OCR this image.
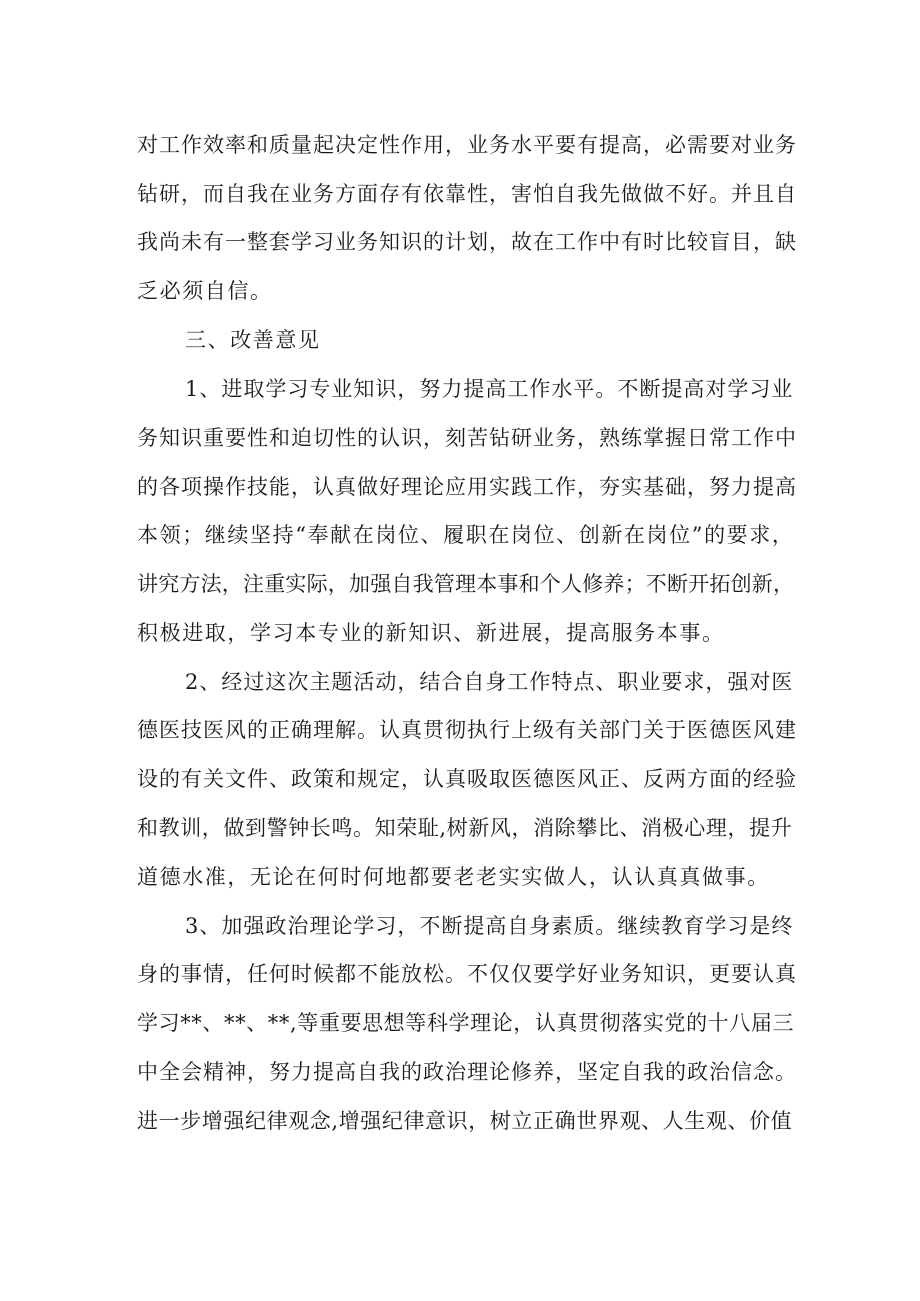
对工作效率和质量起决定性作用，业务水平要有提高，必需要对业务
钻研，而自我在业务方面存有依靠性，害怕自我先做做不好。并且自
我尚未有一整套学习业务知识的计划，故在工作中有时比较盲目，缺
乏必须自信。
三、改善意见
1、进取学习专业知识，努力提高工作水平。不断提高对学习业
务知识重要性和迫切性的认识，刻苦钻研业务，熟练掌握日常工作中
的各项操作技能，认真做好理论应用实践工作，夯实基础，努力提高
本领；继续坚持“奉献在岗位、履职在岗位、创新在岗位”的要求，
讲究方法，注重实际，加强自我管理本事和个人修养；不断开拓创新，
积极进取，学习本专业的新知识、新进展，提高服务本事。
2、经过这次主题活动，结合自身工作特点、职业要求，强对医
德医技医风的正确理解。认真贯彻执行上级有关部门关于医德医风建
设的有关文件、政策和规定，认真吸取医德医风正、反两方面的经验
和教训，做到警钟长鸣。知荣耻,树新风，消除攀比、消极心理，提升
道德水准，无论在何时何地都要老老实实做人，认认真真做事。
3、加强政治理论学习，不断提高自身素质。继续教育学习是终
身的事情，任何时候都不能放松。不仅仅要学好业务知识，更要认真
学习**、**、**,等重要思想等科学理论，认真贯彻落实党的十八届三
中全会精神，努力提高自我的政治理论修养，坚定自我的政治信念。
进一步增强纪律观念,增强纪律意识，树立正确世界观、人生观、价值
